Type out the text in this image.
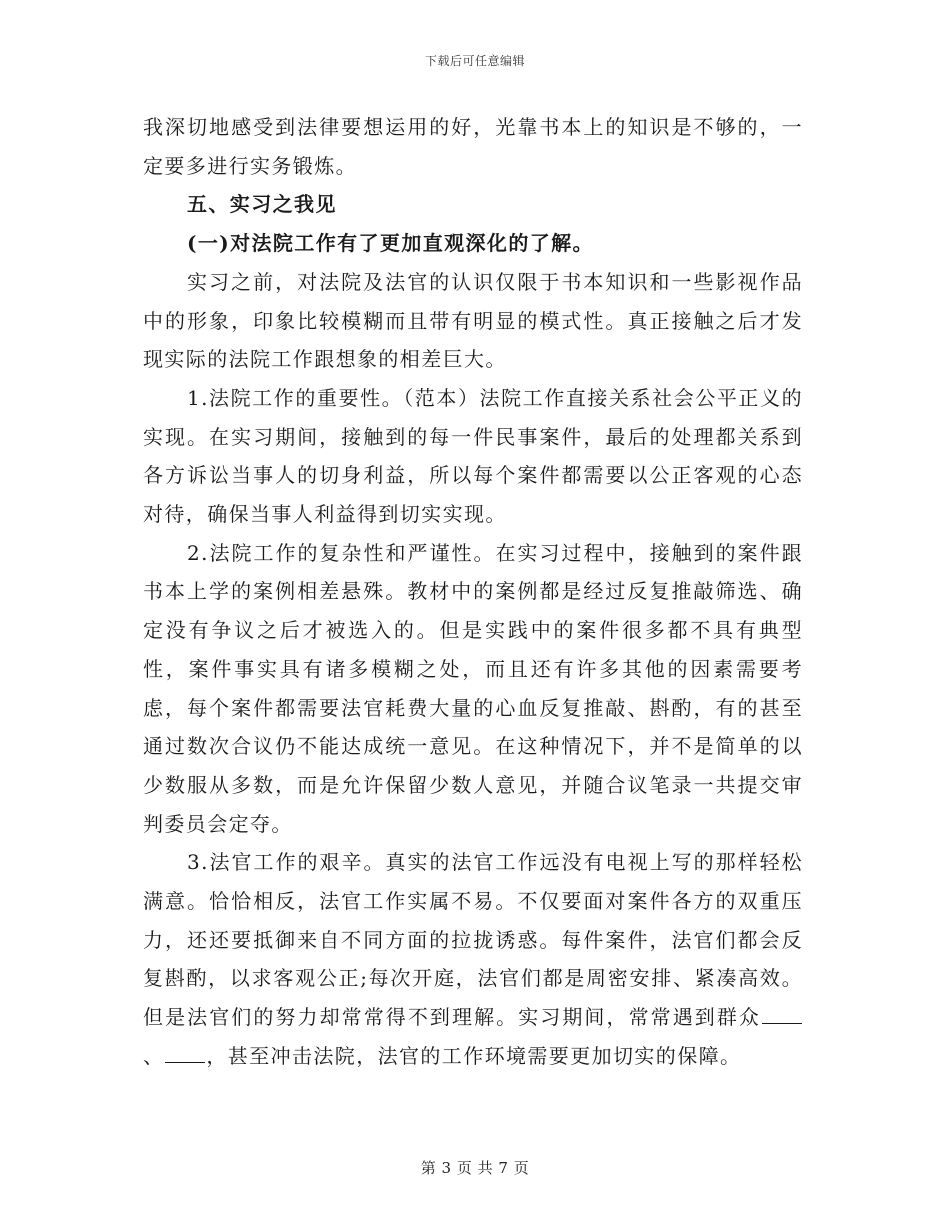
下载后可任意编辑

我深切地感受到法律要想运用的好，光靠书本上的知识是不够的，一定要多进行实务锻炼。

五、实习之我见

(一)对法院工作有了更加直观深化的了解。

实习之前，对法院及法官的认识仅限于书本知识和一些影视作品中的形象，印象比较模糊而且带有明显的模式性。真正接触之后才发现实际的法院工作跟想象的相差巨大。

1.法院工作的重要性。（范本）法院工作直接关系社会公平正义的实现。在实习期间，接触到的每一件民事案件，最后的处理都关系到各方诉讼当事人的切身利益，所以每个案件都需要以公正客观的心态对待，确保当事人利益得到切实实现。

2.法院工作的复杂性和严谨性。在实习过程中，接触到的案件跟书本上学的案例相差悬殊。教材中的案例都是经过反复推敲筛选、确定没有争议之后才被选入的。但是实践中的案件很多都不具有典型性，案件事实具有诸多模糊之处，而且还有许多其他的因素需要考虑，每个案件都需要法官耗费大量的心血反复推敲、斟酌，有的甚至通过数次合议仍不能达成统一意见。在这种情况下，并不是简单的以少数服从多数，而是允许保留少数人意见，并随合议笔录一共提交审判委员会定夺。

3.法官工作的艰辛。真实的法官工作远没有电视上写的那样轻松满意。恰恰相反，法官工作实属不易。不仅要面对案件各方的双重压力，还还要抵御来自不同方面的拉拢诱惑。每件案件，法官们都会反复斟酌，以求客观公正;每次开庭，法官们都是周密安排、紧凑高效。但是法官们的努力却常常得不到理解。实习期间，常常遇到群众、 ，甚至冲击法院，法官的工作环境需要更加切实的保障。

第 3 页 共 7 页
